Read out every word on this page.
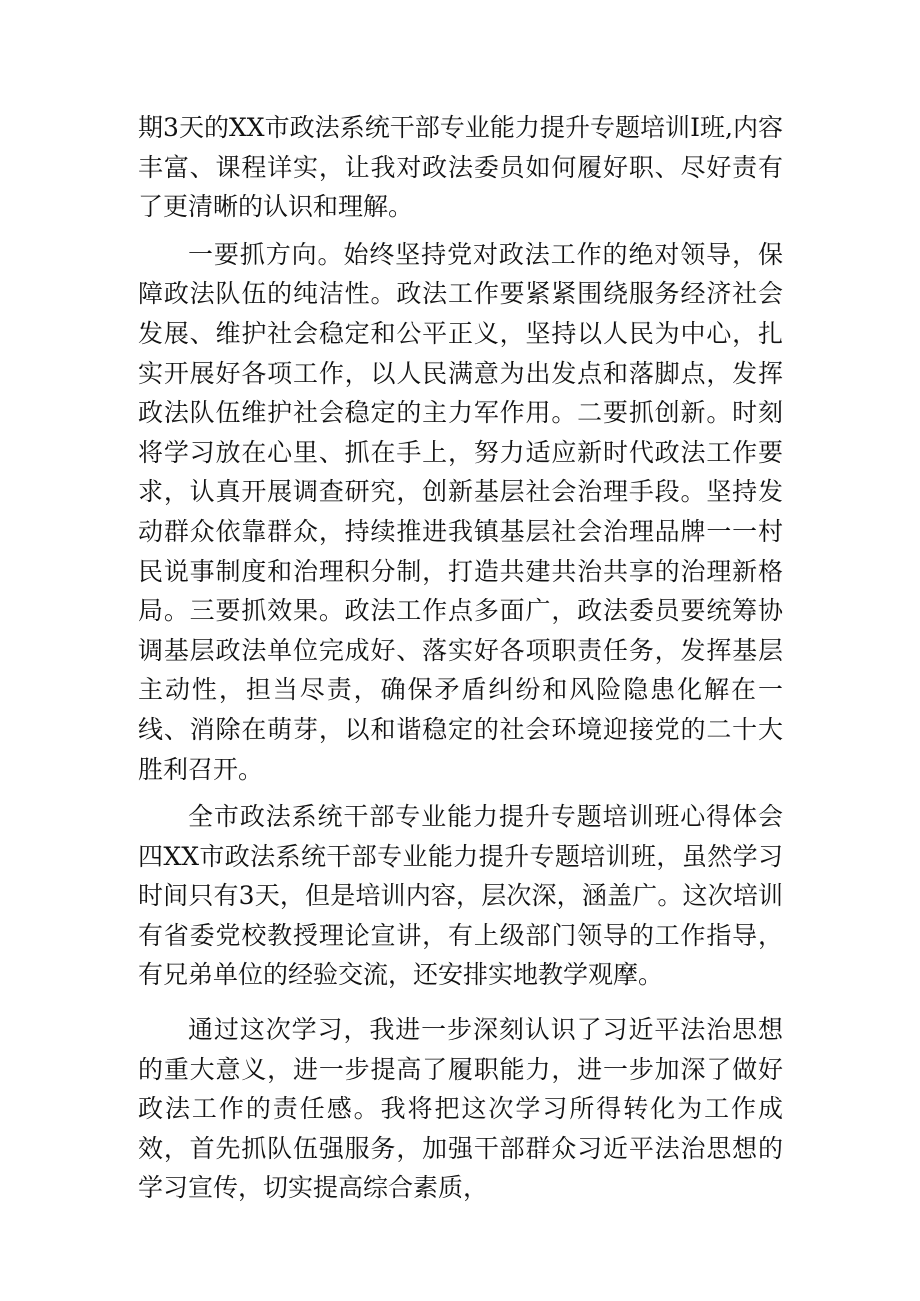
期3天的XX市政法系统干部专业能力提升专题培训I班,内容丰富、课程详实，让我对政法委员如何履好职、尽好责有了更清晰的认识和理解。

一要抓方向。始终坚持党对政法工作的绝对领导，保障政法队伍的纯洁性。政法工作要紧紧围绕服务经济社会发展、维护社会稳定和公平正义，坚持以人民为中心，扎实开展好各项工作，以人民满意为出发点和落脚点，发挥政法队伍维护社会稳定的主力军作用。二要抓创新。时刻将学习放在心里、抓在手上，努力适应新时代政法工作要求，认真开展调查研究，创新基层社会治理手段。坚持发动群众依靠群众，持续推进我镇基层社会治理品牌一一村民说事制度和治理积分制，打造共建共治共享的治理新格局。三要抓效果。政法工作点多面广，政法委员要统筹协调基层政法单位完成好、落实好各项职责任务，发挥基层主动性，担当尽责，确保矛盾纠纷和风险隐患化解在一线、消除在萌芽，以和谐稳定的社会环境迎接党的二十大胜利召开。

全市政法系统干部专业能力提升专题培训班心得体会四XX市政法系统干部专业能力提升专题培训班，虽然学习时间只有3天，但是培训内容，层次深，涵盖广。这次培训有省委党校教授理论宣讲，有上级部门领导的工作指导，有兄弟单位的经验交流，还安排实地教学观摩。

通过这次学习，我进一步深刻认识了习近平法治思想的重大意义，进一步提高了履职能力，进一步加深了做好政法工作的责任感。我将把这次学习所得转化为工作成效，首先抓队伍强服务，加强干部群众习近平法治思想的学习宣传，切实提高综合素质，
